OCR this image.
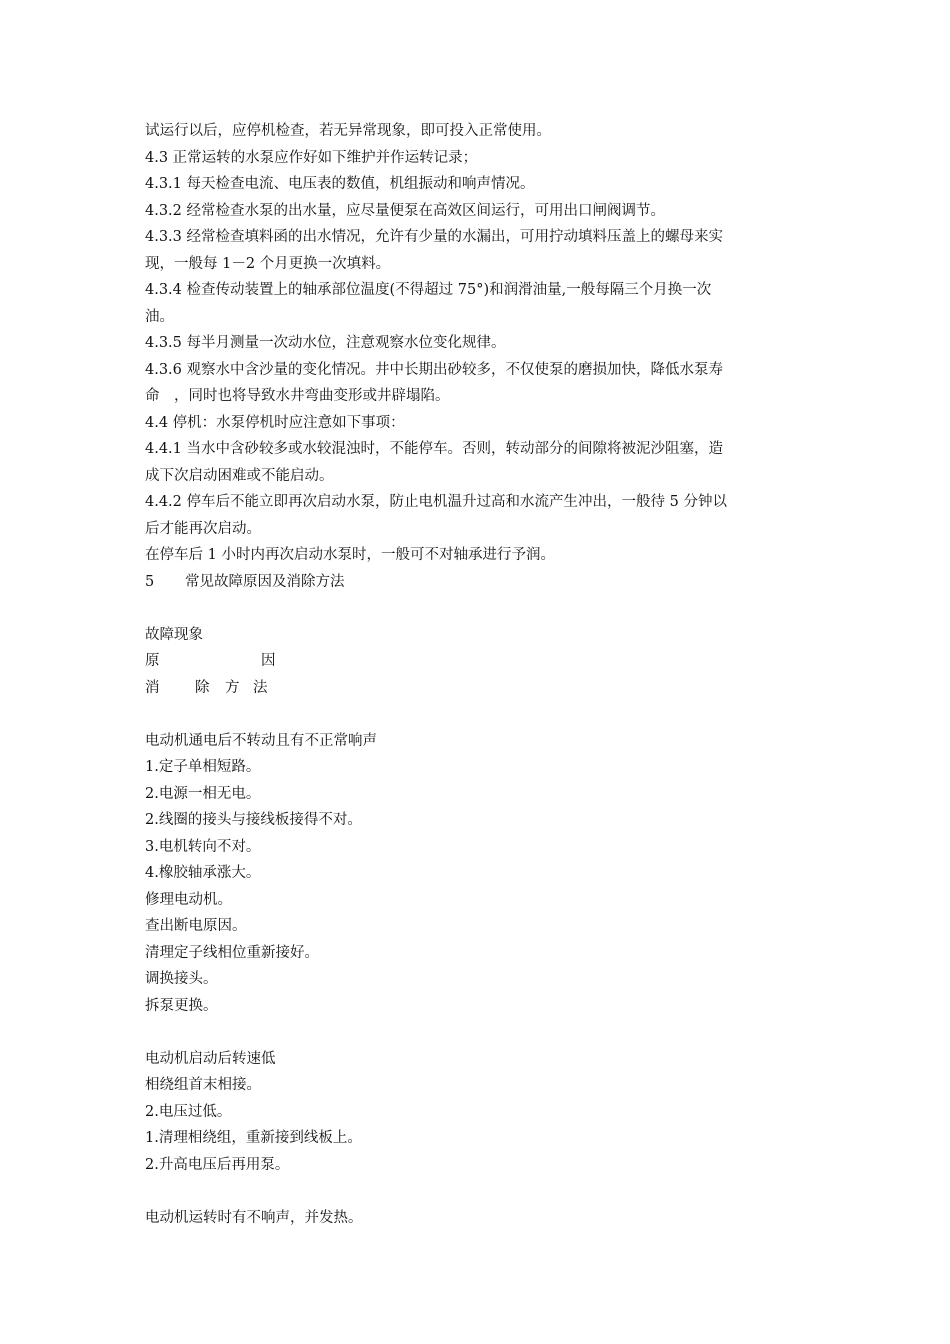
试运行以后，应停机检查，若无异常现象，即可投入正常使用。
4.3 正常运转的水泵应作好如下维护并作运转记录；
4.3.1 每天检查电流、电压表的数值，机组振动和响声情况。
4.3.2 经常检查水泵的出水量，应尽量便泵在高效区间运行，可用出口闸阀调节。
4.3.3 经常检查填料函的出水情况，允许有少量的水漏出，可用拧动填料压盖上的螺母来实
现，一般每 1－2 个月更换一次填料。
4.3.4 检查传动装置上的轴承部位温度(不得超过 75°)和润滑油量,一般每隔三个月换一次
油。
4.3.5 每半月测量一次动水位，注意观察水位变化规律。
4.3.6 观察水中含沙量的变化情况。井中长期出砂较多，不仅使泵的磨损加快，降低水泵寿
命　，同时也将导致水井弯曲变形或井辟塌陷。
4.4 停机：水泵停机时应注意如下事项：
4.4.1 当水中含砂较多或水较混浊时，不能停车。否则，转动部分的间隙将被泥沙阻塞，造
成下次启动困难或不能启动。
4.4.2 停车后不能立即再次启动水泵，防止电机温升过高和水流产生冲出，一般待 5 分钟以
后才能再次启动。
在停车后 1 小时内再次启动水泵时，一般可不对轴承进行予润。
5 常见故障原因及消除方法
故障现象
原	因
消 除 方 法
电动机通电后不转动且有不正常响声
1.定子单相短路。
2.电源一相无电。
2.线圈的接头与接线板接得不对。
3.电机转向不对。
4.橡胶轴承涨大。
修理电动机。
查出断电原因。
清理定子线相位重新接好。
调换接头。
拆泵更换。
电动机启动后转速低
相绕组首末相接。
2.电压过低。
1.清理相绕组，重新接到线板上。
2.升高电压后再用泵。
电动机运转时有不响声，并发热。
